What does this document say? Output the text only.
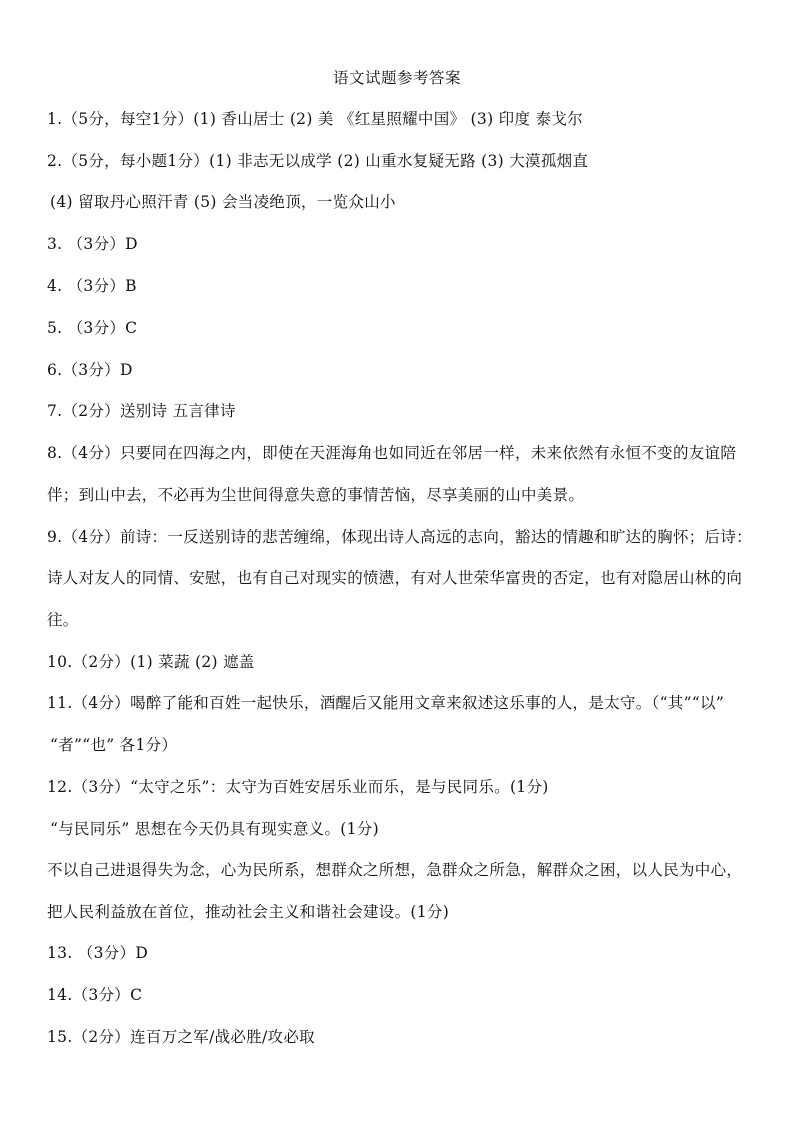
语文试题参考答案
1.（5分，每空1分）(1) 香山居士 (2) 美 《红星照耀中国》 (3) 印度 泰戈尔
2.（5分，每小题1分）(1) 非志无以成学 (2) 山重水复疑无路 (3) 大漠孤烟直
(4) 留取丹心照汗青 (5) 会当凌绝顶，一览众山小
3. （3分）D
4. （3分）B
5. （3分）C
6.（3分）D
7.（2分）送别诗 五言律诗
8.（4分）只要同在四海之内，即使在天涯海角也如同近在邻居一样，未来依然有永恒不变的友谊陪
伴；到山中去，不必再为尘世间得意失意的事情苦恼，尽享美丽的山中美景。
9.（4分）前诗：一反送别诗的悲苦缠绵，体现出诗人高远的志向，豁达的情趣和旷达的胸怀；后诗：
诗人对友人的同情、安慰，也有自己对现实的愤懑，有对人世荣华富贵的否定，也有对隐居山林的向
往。
10.（2分）(1) 菜蔬 (2) 遮盖
11.（4分）喝醉了能和百姓一起快乐，酒醒后又能用文章来叙述这乐事的人，是太守。（“其”“以”
“者”“也” 各1分）
12.（3分）“太守之乐”：太守为百姓安居乐业而乐，是与民同乐。(1分)
“与民同乐” 思想在今天仍具有现实意义。(1分)
不以自己进退得失为念，心为民所系，想群众之所想，急群众之所急，解群众之困，以人民为中心，
把人民利益放在首位，推动社会主义和谐社会建设。(1分)
13. （3分）D
14.（3分）C
15.（2分）连百万之军/战必胜/攻必取
